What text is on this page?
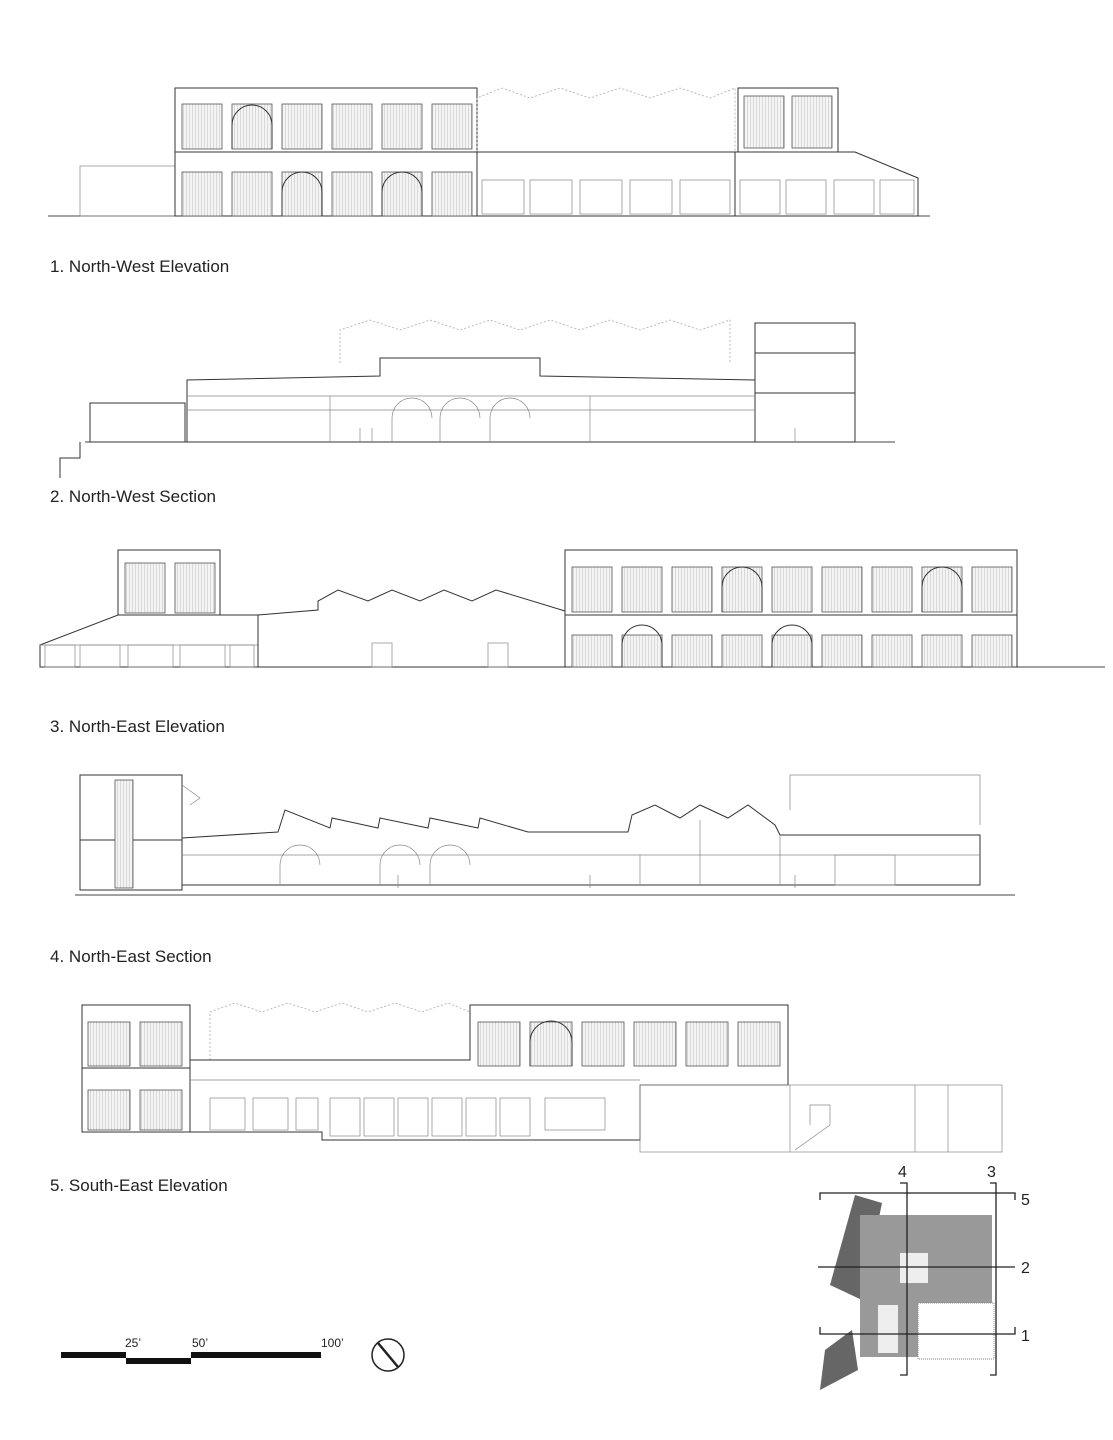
1. North-West Elevation
2. North-West Section
3. North-East Elevation
4. North-East Section
5. South-East Elevation
25’	50’	100’
4	3
5
2
1
